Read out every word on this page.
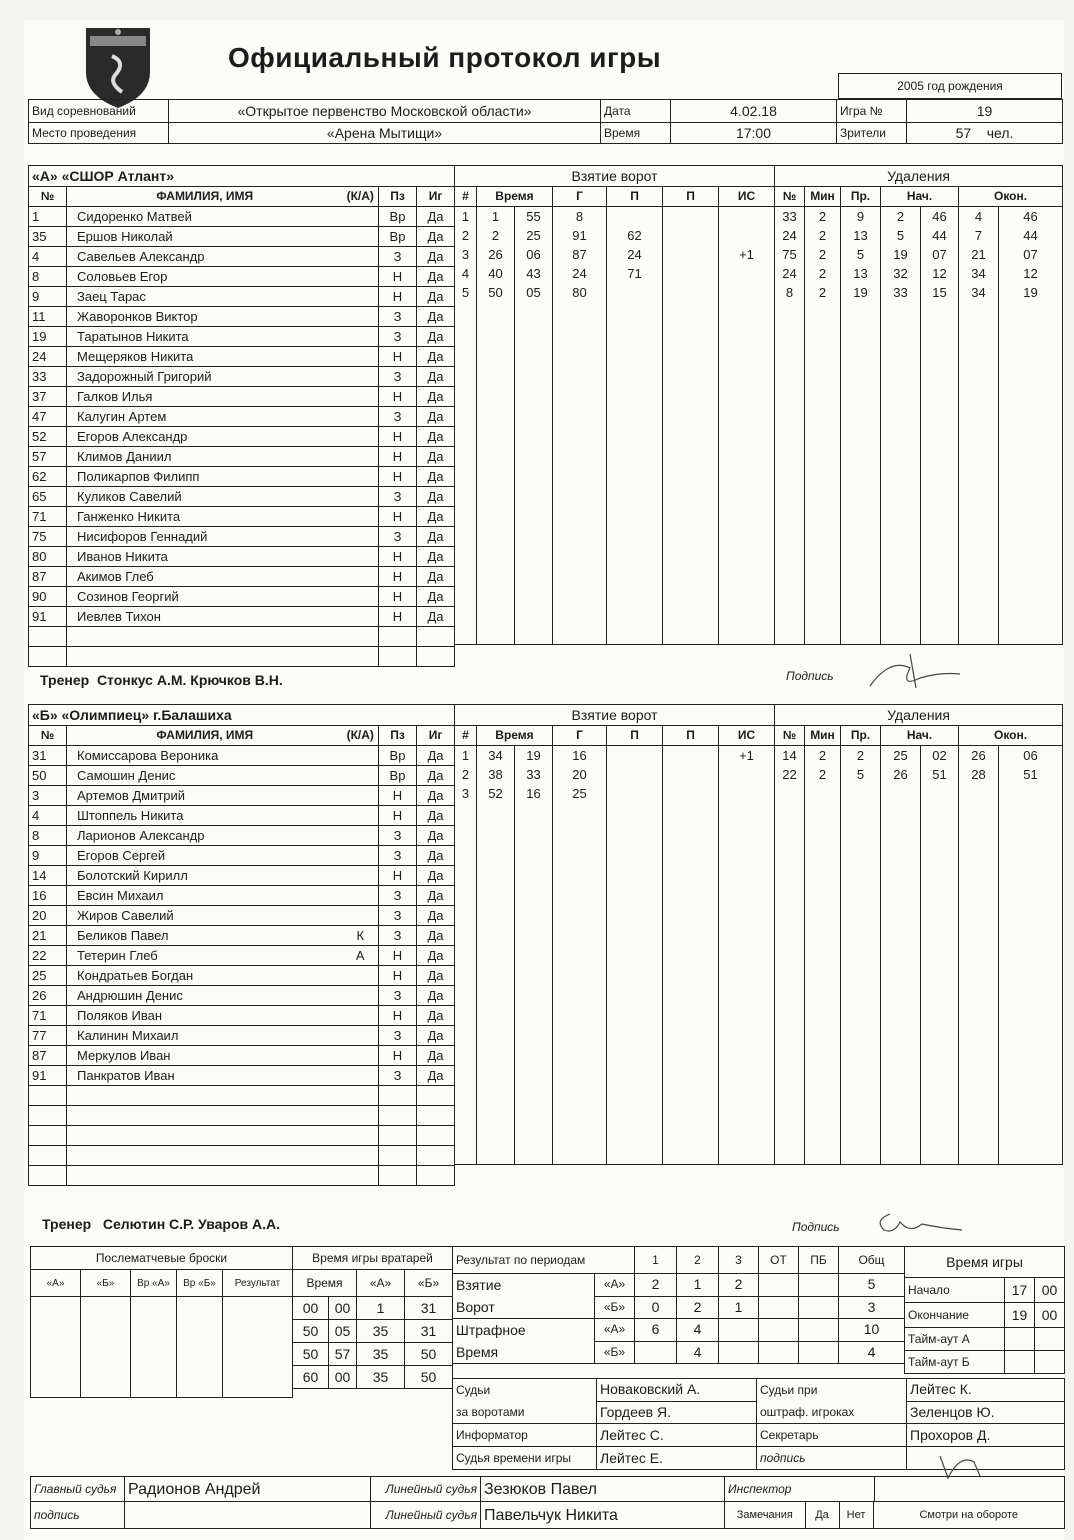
Официальный протокол игры
2005 год рождения
Вид соревнований	«Открытое первенство Московской области»	Дата	4.02.18	Игра №	19
Место проведения	«Арена Мытищи»	Время	17:00	Зрители	57 чел.
«А» «СШОР Атлант»				
№	ФАМИЛИЯ, ИМЯ	(К/А)	Пз	Иг
1	Сидоренко Матвей		Вр	Да
35	Ершов Николай		Вр	Да
4	Савельев Александр		З	Да
8	Соловьев Егор		Н	Да
9	Заец Тарас		Н	Да
11	Жаворонков Виктор		З	Да
19	Таратынов Никита		З	Да
24	Мещеряков Никита		Н	Да
33	Задорожный Григорий		З	Да
37	Галков Илья		Н	Да
47	Калугин Артем		З	Да
52	Егоров Александр		Н	Да
57	Климов Даниил		Н	Да
62	Поликарпов Филипп		Н	Да
65	Куликов Савелий		З	Да
71	Ганженко Никита		Н	Да
75	Нисифоров Геннадий		З	Да
80	Иванов Никита		Н	Да
87	Акимов Глеб		Н	Да
90	Созинов Георгий		Н	Да
91	Иевлев Тихон		Н	Да

Взятие ворот						
#	Время		Г	П	П	ИС
1	1	55	8			
2	2	25	91	62		
3	26	06	87	24		+1
4	40	43	24	71		
5	50	05	80			

Удаления						
№	Мин	Пр.	Нач.		Окон.	
33	2	9	2	46	4	46
24	2	13	5	44	7	44
75	2	5	19	07	21	07
24	2	13	32	12	34	12
8	2	19	33	15	34	19

«Б» «Олимпиец» г.Балашиха				
№	ФАМИЛИЯ, ИМЯ	(К/А)	Пз	Иг
31	Комиссарова Вероника		Вр	Да
50	Самошин Денис		Вр	Да
3	Артемов Дмитрий		Н	Да
4	Штоппель Никита		Н	Да
8	Ларионов Александр		З	Да
9	Егоров Сергей		З	Да
14	Болотский Кирилл		Н	Да
16	Евсин Михаил		З	Да
20	Жиров Савелий		З	Да
21	Беликов Павел	К	З	Да
22	Тетерин Глеб	А	Н	Да
25	Кондратьев Богдан		Н	Да
26	Андрюшин Денис		З	Да
71	Поляков Иван		Н	Да
77	Калинин Михаил		З	Да
87	Меркулов Иван		Н	Да
91	Панкратов Иван		З	Да

Взятие ворот						
#	Время		Г	П	П	ИС
1	34	19	16			+1
2	38	33	20			
3	52	16	25			

Удаления						
№	Мин	Пр.	Нач.		Окон.	
14	2	2	25	02	26	06
22	2	5	26	51	28	51

Тренер Стонкус А.М. Крючков В.Н.	Подпись
Тренер Селютин С.Р. Уваров А.А.	Подпись
Послематчевые броски				
«А»	«Б»	Вр «А»	Вр «Б»	Результат

Время игры вратарей			
Время		«А»	«Б»
00	00	1	31
50	05	35	31
50	57	35	50
60	00	35	50
Результат по периодам		1	2	3	ОТ	ПБ	Общ
Взятие	«А»	2	1	2			5
Ворот	«Б»	0	2	1			3
Штрафное	«А»	6	4				10
Время	«Б»		4				4
Время игры		
Начало	17	00
Окончание	19	00
Тайм-аут А		
Тайм-аут Б		
Судьи	Новаковский А.	Судьи при	Лейтес К.
за воротами	Гордеев Я.	оштраф. игроках	Зеленцов Ю.
Информатор	Лейтес С.	Секретарь	Прохоров Д.
Судья времени игры	Лейтес Е.	подпись	
Главный судья	Радионов Андрей	Линейный судья	Зезюков Павел	Инспектор	
подпись		Линейный судья	Павельчук Никита		Замечания	Да	Нет	Смотри на обороте
